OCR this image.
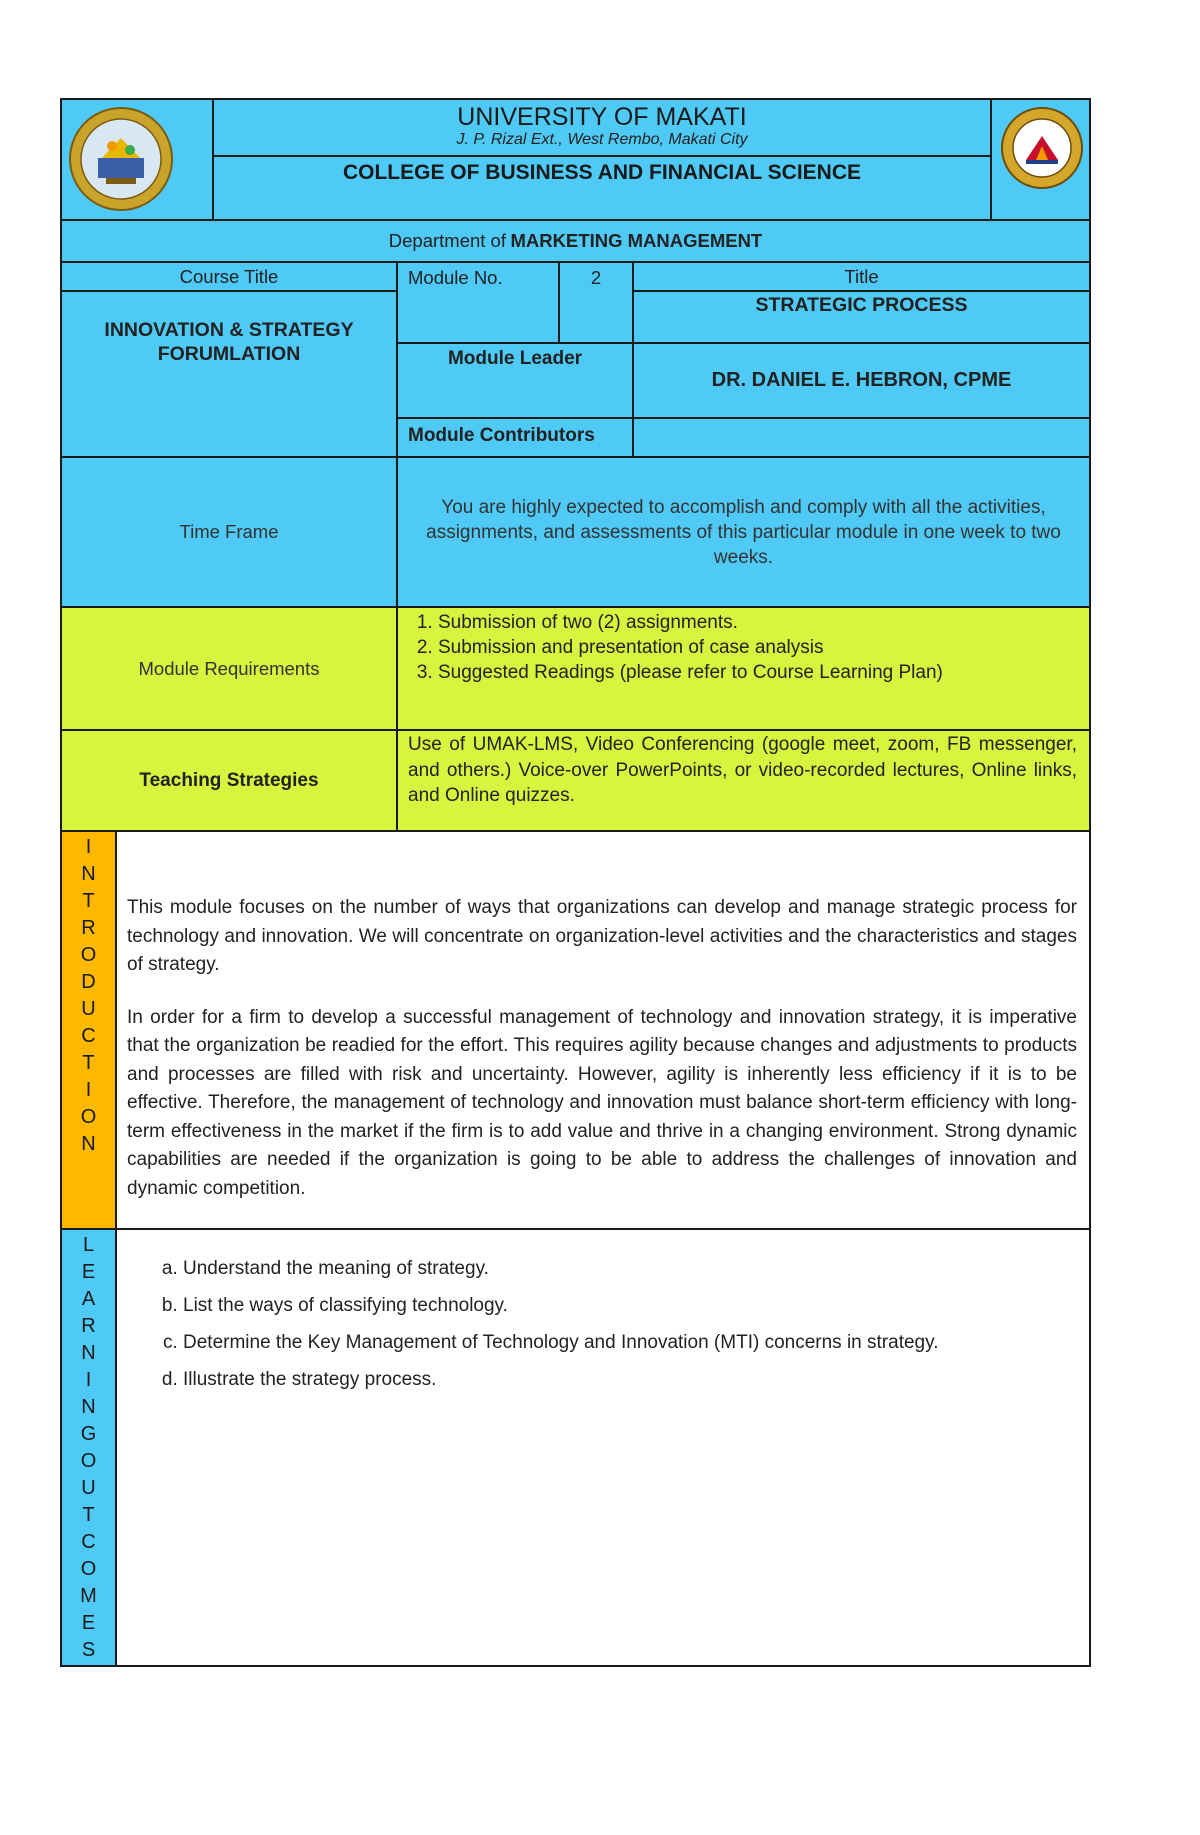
UNIVERSITY OF MAKATI
J. P. Rizal Ext., West Rembo, Makati City
COLLEGE OF BUSINESS AND FINANCIAL SCIENCE
Department of
MARKETING MANAGEMENT
Course Title
INNOVATION & STRATEGY
FORUMLATION
Module No.	2	Title
STRATEGIC PROCESS
Module Leader
DR. DANIEL E. HEBRON, CPME
Module Contributors
Time Frame
You are highly expected to accomplish and comply with all the activities, assignments, and assessments of this particular module in one week to two weeks.
Module Requirements
1. Submission of two (2) assignments.
2. Submission and presentation of case analysis
3. Suggested Readings (please refer to Course Learning Plan)
Teaching Strategies

Use of UMAK-LMS, Video Conferencing (google meet, zoom, FB messenger, and others.) Voice-over PowerPoints, or video-recorded lectures, Online links, and Online quizzes.

I
N
T
R
O
D
U
C
T
I
O
N

This module focuses on the number of ways that organizations can develop and manage strategic process for technology and innovation. We will concentrate on organization-level activities and the characteristics and stages of strategy.

In order for a firm to develop a successful management of technology and innovation strategy, it is imperative that the organization be readied for the effort. This requires agility because changes and adjustments to products and processes are filled with risk and uncertainty. However, agility is inherently less efficiency if it is to be effective. Therefore, the management of technology and innovation must balance short-term efficiency with long-term effectiveness in the market if the firm is to add value and thrive in a changing environment. Strong dynamic capabilities are needed if the organization is going to be able to address the challenges of innovation and dynamic competition.

L
E
A
R
N
I
N
G
O
U
T
C
O
M
E
S
a. Understand the meaning of strategy.
b. List the ways of classifying technology.
c. Determine the Key Management of Technology and Innovation (MTI) concerns in strategy.
d. Illustrate the strategy process.
